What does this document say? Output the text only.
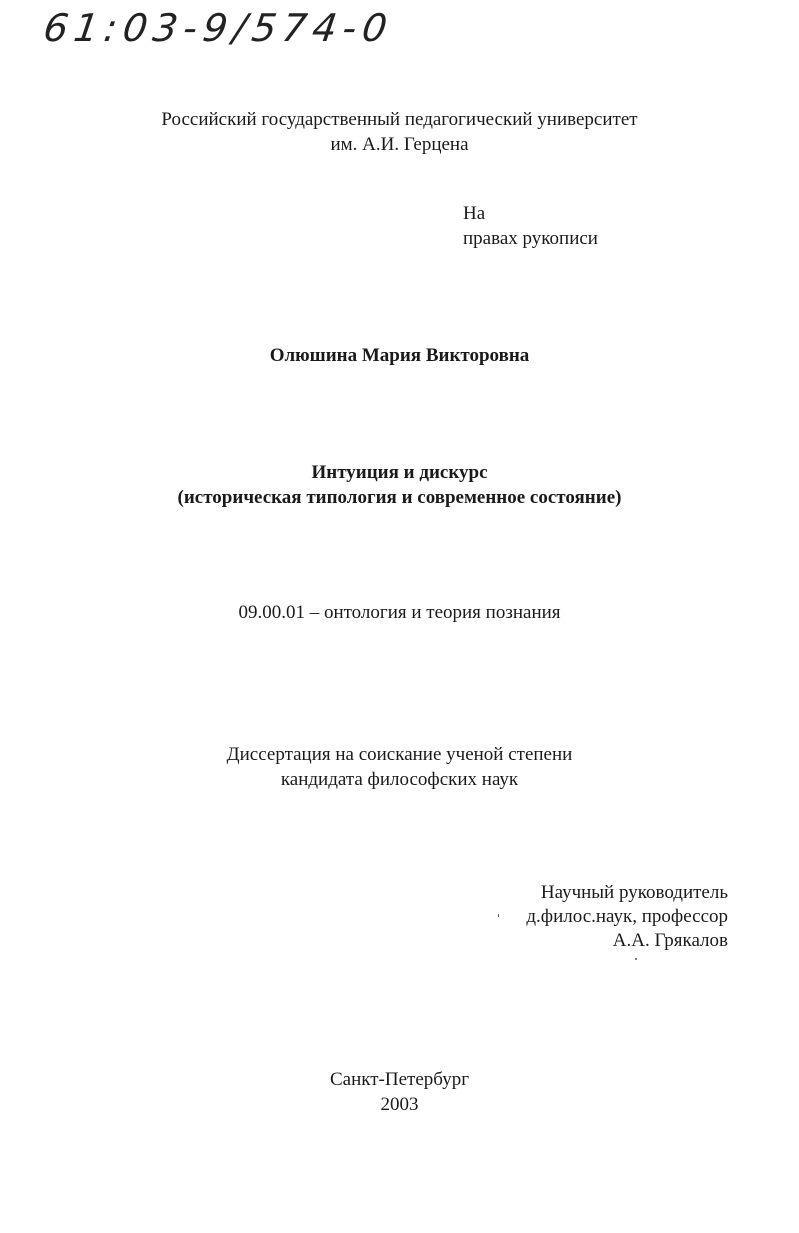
61:03-9/574-0
Российский государственный педагогический университет
им. А.И. Герцена
На
правах рукописи
Олюшина Мария Викторовна
Интуиция и дискурс
(историческая типология и современное состояние)
09.00.01 – онтология и теория познания
Диссертация на соискание ученой степени
кандидата философских наук
Научный руководитель
д.филос.наук, профессор
А.А. Грякалов
Санкт-Петербург
2003
